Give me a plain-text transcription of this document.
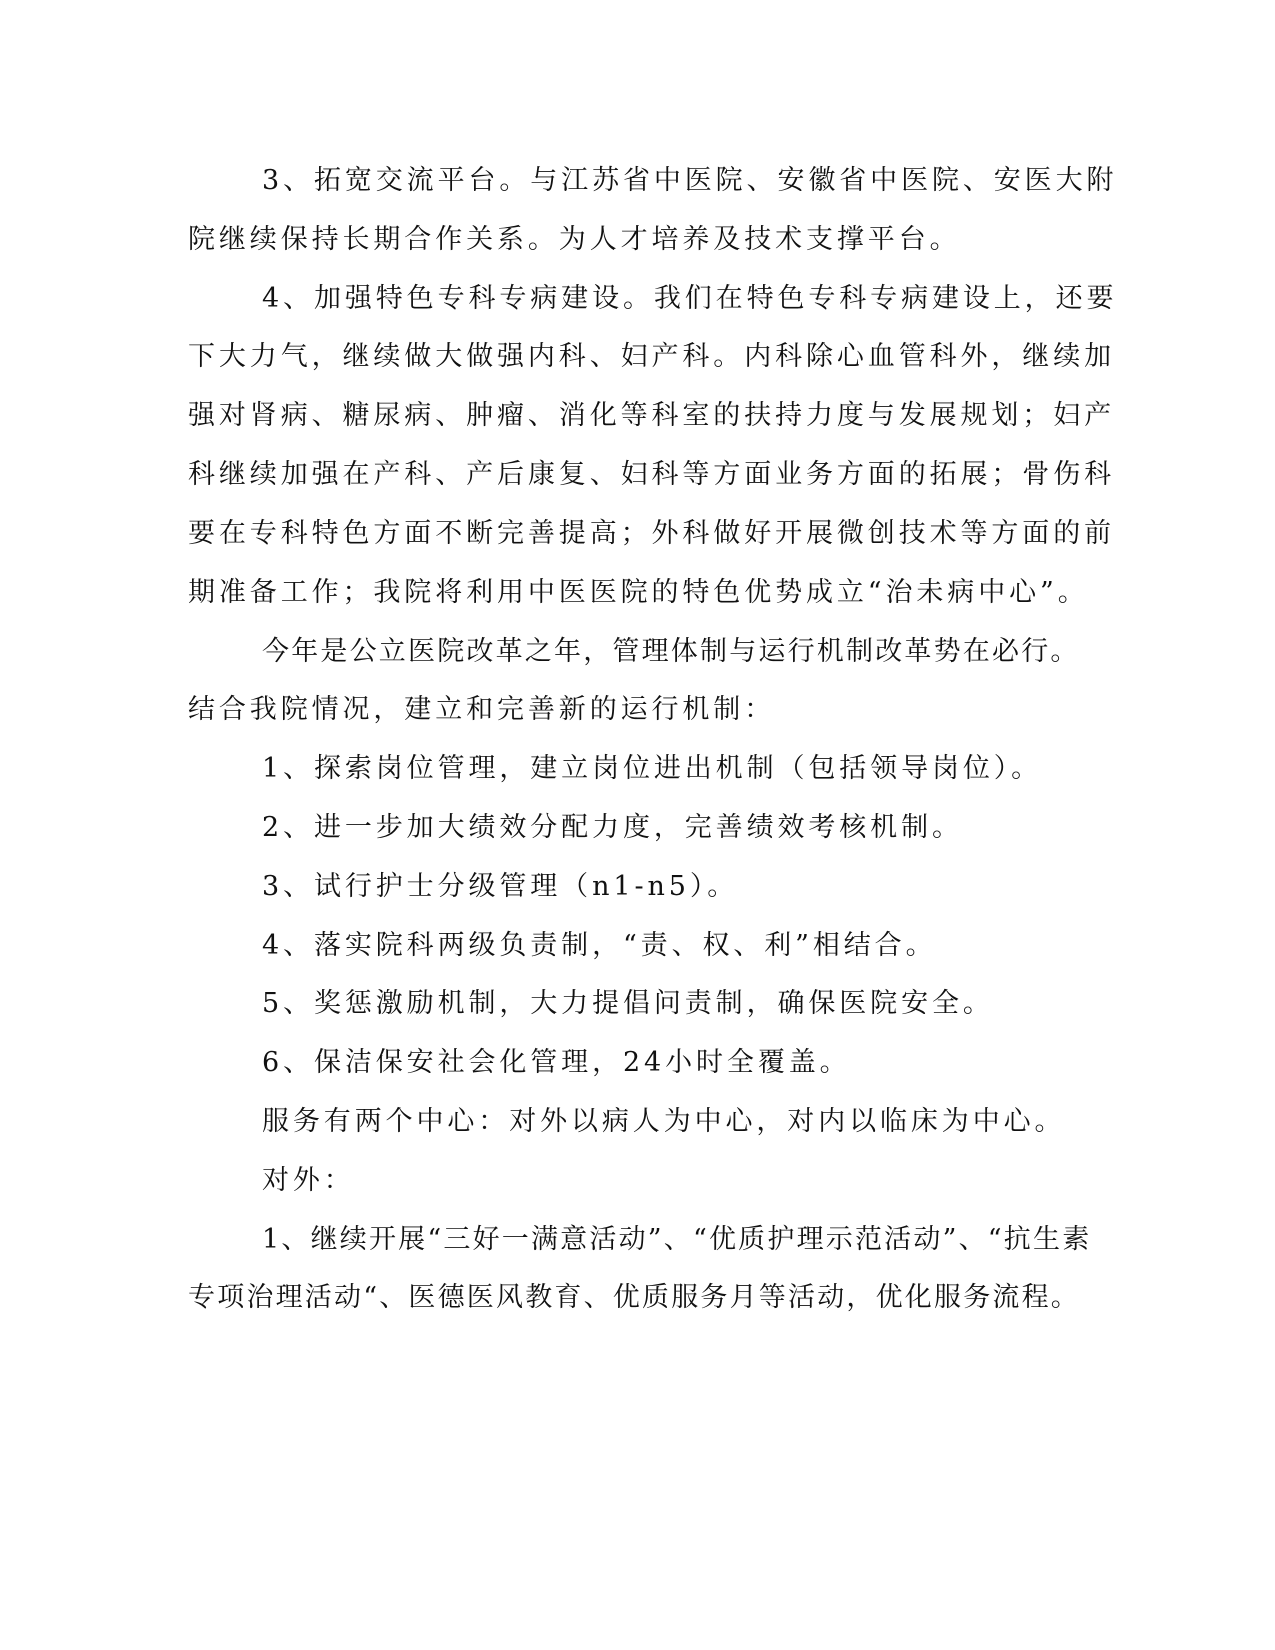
3、拓宽交流平台。与江苏省中医院、安徽省中医院、安医大附
院继续保持长期合作关系。为人才培养及技术支撑平台。
4、加强特色专科专病建设。我们在特色专科专病建设上，还要
下大力气，继续做大做强内科、妇产科。内科除心血管科外，继续加
强对肾病、糖尿病、肿瘤、消化等科室的扶持力度与发展规划；妇产
科继续加强在产科、产后康复、妇科等方面业务方面的拓展；骨伤科
要在专科特色方面不断完善提高；外科做好开展微创技术等方面的前
期准备工作；我院将利用中医医院的特色优势成立“治未病中心”。
今年是公立医院改革之年，管理体制与运行机制改革势在必行。
结合我院情况，建立和完善新的运行机制：
1、探索岗位管理，建立岗位进出机制（包括领导岗位）。
2、进一步加大绩效分配力度，完善绩效考核机制。
3、试行护士分级管理（n1-n5）。
4、落实院科两级负责制，“责、权、利”相结合。
5、奖惩激励机制，大力提倡问责制，确保医院安全。
6、保洁保安社会化管理，24小时全覆盖。
服务有两个中心：对外以病人为中心，对内以临床为中心。
对外：
1、继续开展“三好一满意活动”、“优质护理示范活动”、“抗生素
专项治理活动“、医德医风教育、优质服务月等活动，优化服务流程。
